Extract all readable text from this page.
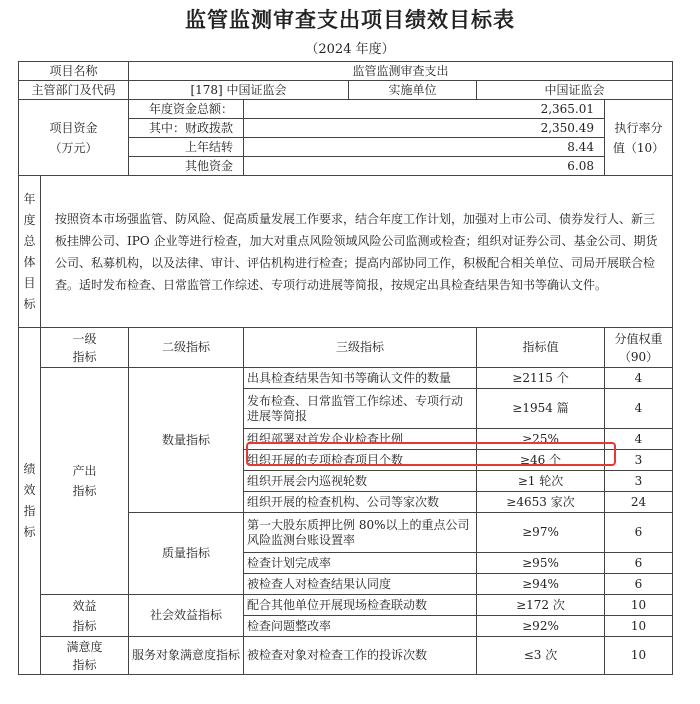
监管监测审查支出项目绩效目标表
（2024 年度）
项目名称		监管监测审查支出				
主管部门及代码		[178] 中国证监会		实施单位	中国证监会	
项目资金（万元）		年度资金总额：	2,365.01			执行率分值（10）
		其中：财政拨款	2,350.49			
		上年结转	8.44			
		其他资金	6.08			

年度总体目标	按照资本市场强监管、防风险、促高质量发展工作要求，结合年度工作计划，加强对上市公司、债券发行人、新三板挂牌公司、IPO 企业等进行检查，加大对重点风险领域风险公司监测或检查；组织对证券公司、基金公司、期货公司、私募机构，以及法律、审计、评估机构进行检查；提高内部协同工作，积极配合相关单位、司局开展联合检查。适时发布检查、日常监管工作综述、专项行动进展等简报，按规定出具检查结果告知书等确认文件。					

绩效指标	一级指标	二级指标	三级指标		指标值	分值权重（90）
	产出指标	数量指标	出具检查结果告知书等确认文件的数量		≥2115 个	4
			发布检查、日常监管工作综述、专项行动进展等简报		≥1954 篇	4
			组织部署对首发企业检查比例		≥25%	4
			组织开展的专项检查项目个数		≥46 个	3
			组织开展会内巡视轮数		≥1 轮次	3
			组织开展的检查机构、公司等家次数		≥4653 家次	24
		质量指标	第一大股东质押比例 80%以上的重点公司风险监测台账设置率		≥97%	6
			检查计划完成率		≥95%	6
			被检查人对检查结果认同度		≥94%	6
	效益指标	社会效益指标	配合其他单位开展现场检查联动数		≥172 次	10
			检查问题整改率		≥92%	10
	满意度指标	服务对象满意度指标	被检查对象对检查工作的投诉次数		≤3 次	10
